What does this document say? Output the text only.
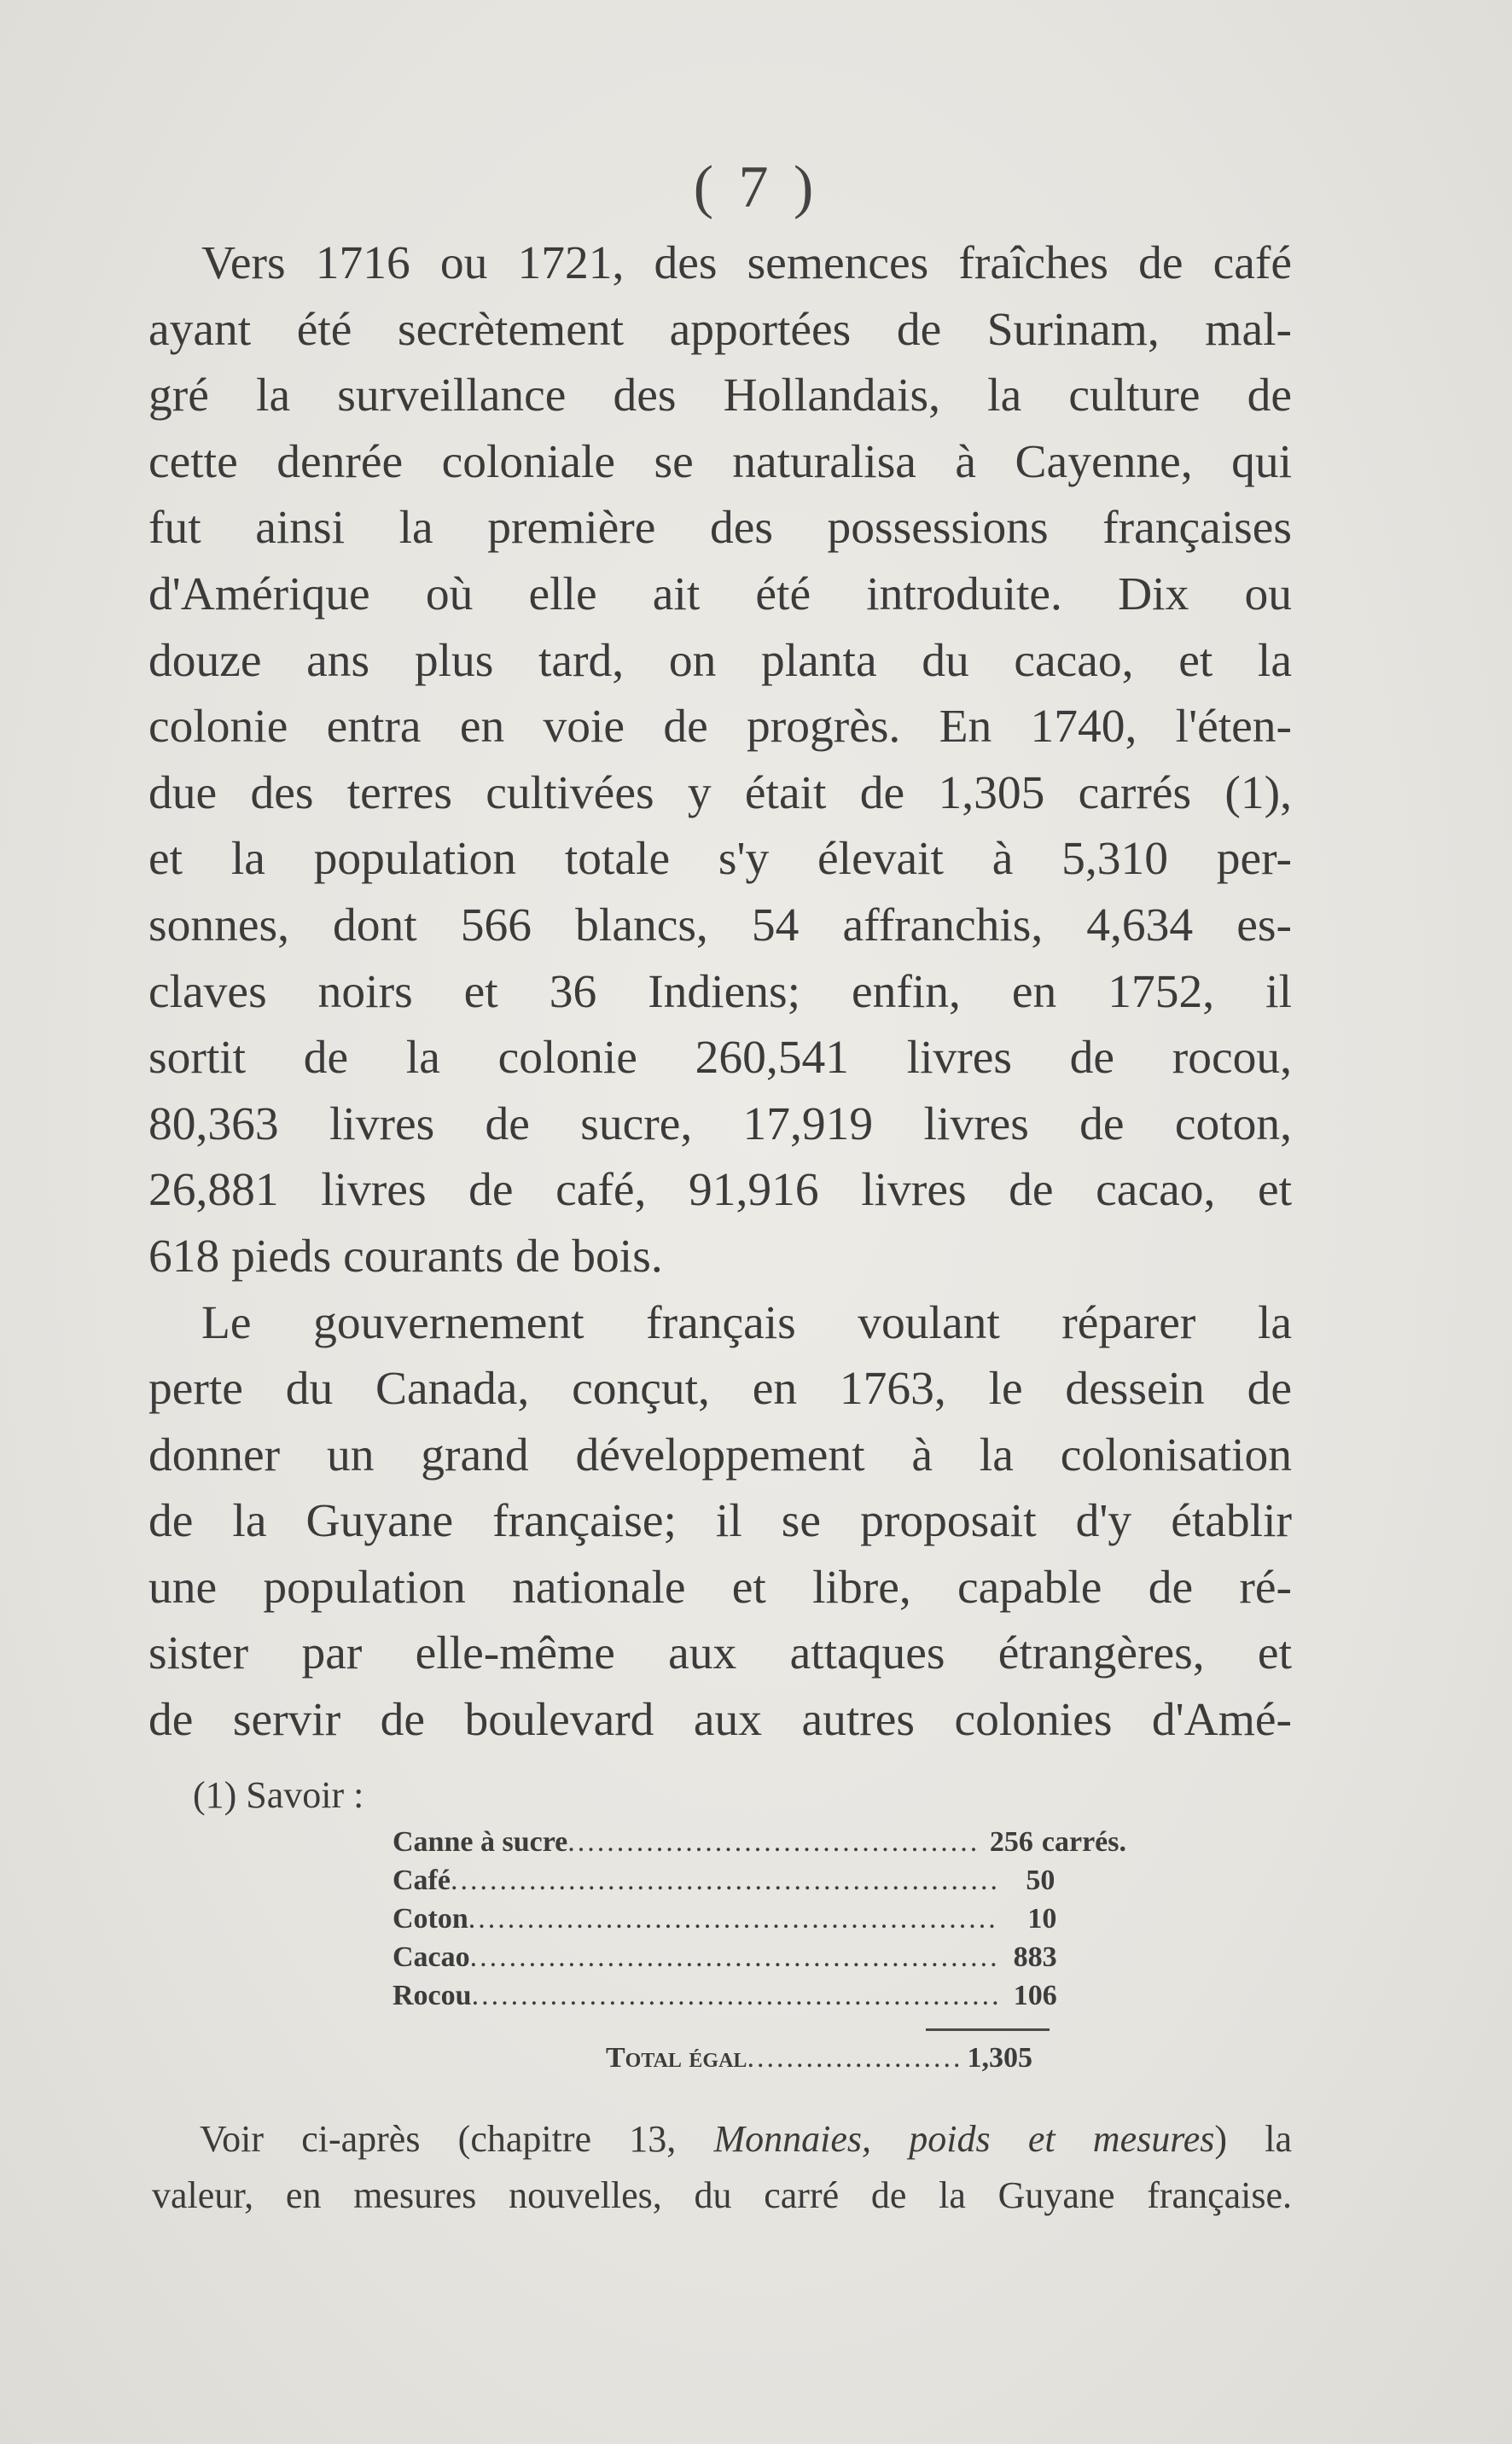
( 7 )
Vers 1716 ou 1721, des semences fraîches de café
ayant été secrètement apportées de Surinam, mal-
gré la surveillance des Hollandais, la culture de
cette denrée coloniale se naturalisa à Cayenne, qui
fut ainsi la première des possessions françaises
d'Amérique où elle ait été introduite. Dix ou
douze ans plus tard, on planta du cacao, et la
colonie entra en voie de progrès. En 1740, l'éten-
due des terres cultivées y était de 1,305 carrés (1),
et la population totale s'y élevait à 5,310 per-
sonnes, dont 566 blancs, 54 affranchis, 4,634 es-
claves noirs et 36 Indiens; enfin, en 1752, il
sortit de la colonie 260,541 livres de rocou,
80,363 livres de sucre, 17,919 livres de coton,
26,881 livres de café, 91,916 livres de cacao, et
618 pieds courants de bois.
Le gouvernement français voulant réparer la
perte du Canada, conçut, en 1763, le dessein de
donner un grand développement à la colonisation
de la Guyane française; il se proposait d'y établir
une population nationale et libre, capable de ré-
sister par elle-même aux attaques étrangères, et
de servir de boulevard aux autres colonies d'Amé-
(1) Savoir :
Canne à sucre .....	256 carrés.
Café .....	50
Coton .....	10
Cacao .....	883
Rocou .....	106
Total égal .....	1,305
Voir ci-après (chapitre 13, Monnaies, poids et mesures) la
valeur, en mesures nouvelles, du carré de la Guyane française.
